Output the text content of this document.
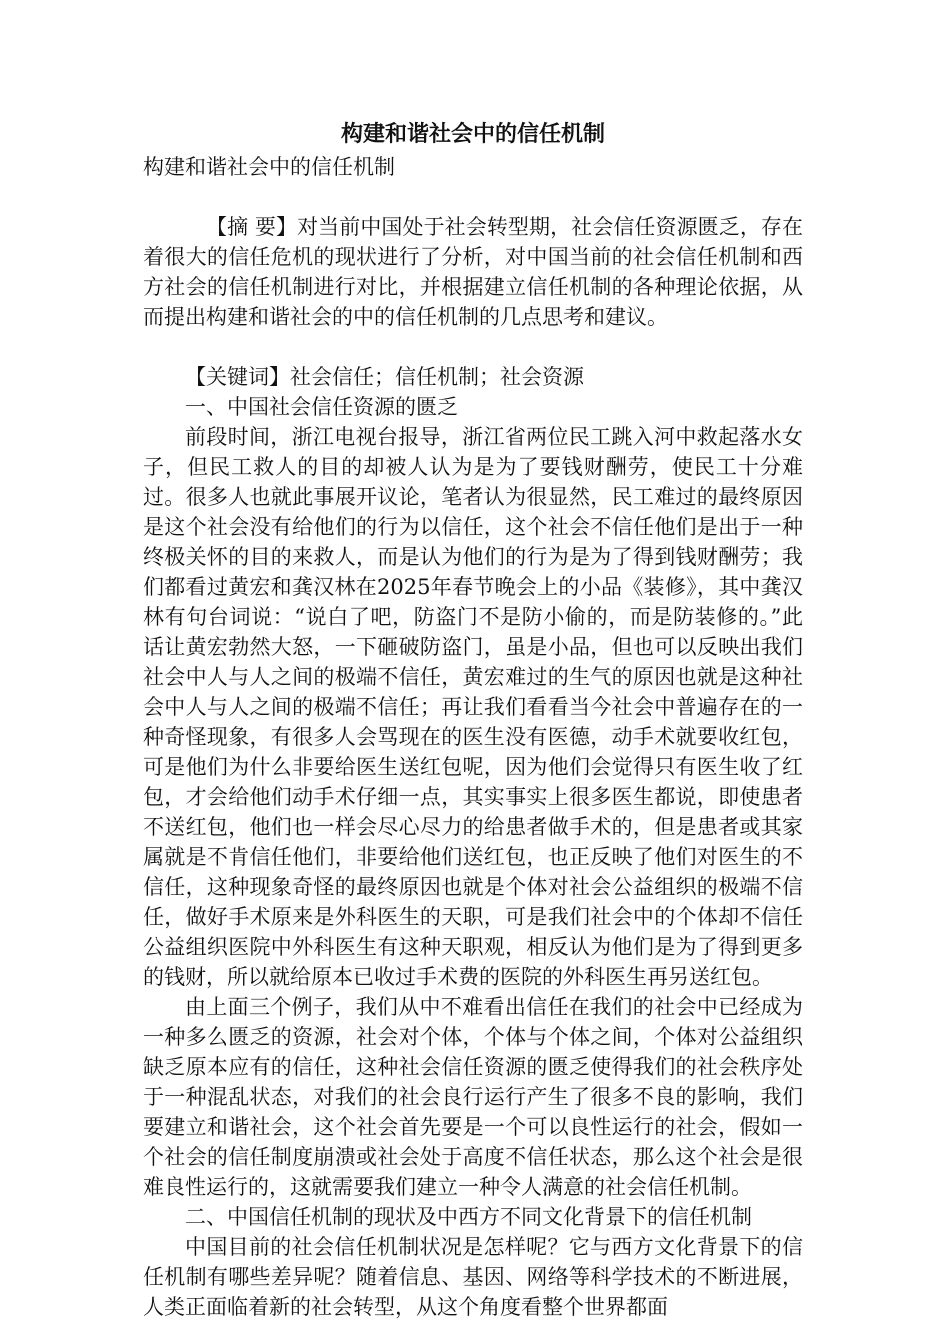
构建和谐社会中的信任机制
构建和谐社会中的信任机制

【摘 要】对当前中国处于社会转型期，社会信任资源匮乏，存在着很大的信任危机的现状进行了分析，对中国当前的社会信任机制和西方社会的信任机制进行对比，并根据建立信任机制的各种理论依据，从而提出构建和谐社会的中的信任机制的几点思考和建议。

【关键词】社会信任；信任机制；社会资源

一、中国社会信任资源的匮乏

前段时间，浙江电视台报导，浙江省两位民工跳入河中救起落水女子，但民工救人的目的却被人认为是为了要钱财酬劳，使民工十分难过。很多人也就此事展开议论，笔者认为很显然，民工难过的最终原因是这个社会没有给他们的行为以信任，这个社会不信任他们是出于一种终极关怀的目的来救人，而是认为他们的行为是为了得到钱财酬劳；我们都看过黄宏和龚汉林在2025年春节晚会上的小品《装修》，其中龚汉林有句台词说：“说白了吧，防盗门不是防小偷的，而是防装修的。”此话让黄宏勃然大怒，一下砸破防盗门，虽是小品，但也可以反映出我们社会中人与人之间的极端不信任，黄宏难过的生气的原因也就是这种社会中人与人之间的极端不信任；再让我们看看当今社会中普遍存在的一种奇怪现象，有很多人会骂现在的医生没有医德，动手术就要收红包，可是他们为什么非要给医生送红包呢，因为他们会觉得只有医生收了红包，才会给他们动手术仔细一点，其实事实上很多医生都说，即使患者不送红包，他们也一样会尽心尽力的给患者做手术的，但是患者或其家属就是不肯信任他们，非要给他们送红包，也正反映了他们对医生的不信任，这种现象奇怪的最终原因也就是个体对社会公益组织的极端不信任，做好手术原来是外科医生的天职，可是我们社会中的个体却不信任公益组织医院中外科医生有这种天职观，相反认为他们是为了得到更多的钱财，所以就给原本已收过手术费的医院的外科医生再另送红包。

由上面三个例子，我们从中不难看出信任在我们的社会中已经成为一种多么匮乏的资源，社会对个体，个体与个体之间，个体对公益组织缺乏原本应有的信任，这种社会信任资源的匮乏使得我们的社会秩序处于一种混乱状态，对我们的社会良行运行产生了很多不良的影响，我们要建立和谐社会，这个社会首先要是一个可以良性运行的社会，假如一个社会的信任制度崩溃或社会处于高度不信任状态，那么这个社会是很难良性运行的，这就需要我们建立一种令人满意的社会信任机制。

二、中国信任机制的现状及中西方不同文化背景下的信任机制

中国目前的社会信任机制状况是怎样呢？它与西方文化背景下的信任机制有哪些差异呢？随着信息、基因、网络等科学技术的不断进展，人类正面临着新的社会转型，从这个角度看整个世界都面
